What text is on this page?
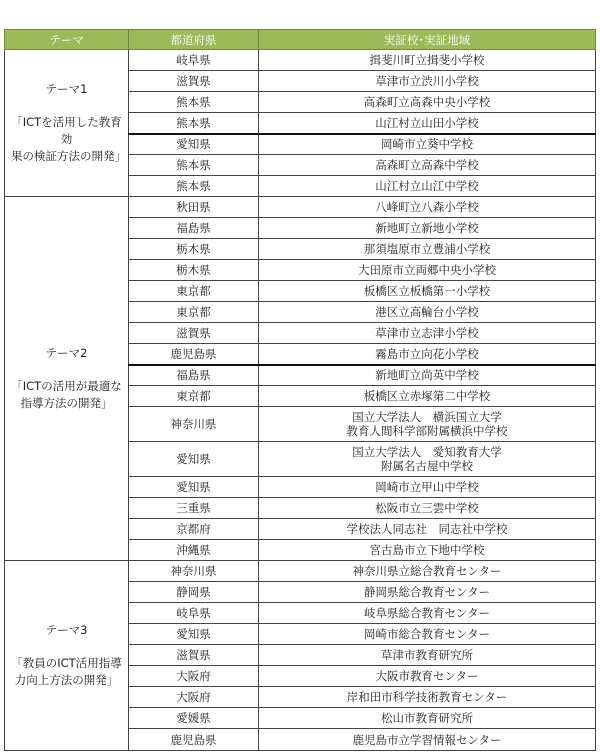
テーマ	都道府県	実証校･実証地域

テーマ1
「ICTを活用した教育効
果の検証方法の開発」	岐阜県	揖斐川町立揖斐小学校
	滋賀県	草津市立渋川小学校
	熊本県	高森町立高森中央小学校
	熊本県	山江村立山田小学校
	愛知県	岡崎市立葵中学校
	熊本県	高森町立高森中学校
	熊本県	山江村立山江中学校

テーマ2
「ICTの活用が最適な
指導方法の開発」	秋田県	八峰町立八森小学校
	福島県	新地町立新地小学校
	栃木県	那須塩原市立豊浦小学校
	栃木県	大田原市立両郷中央小学校
	東京都	板橋区立板橋第一小学校
	東京都	港区立高輪台小学校
	滋賀県	草津市立志津小学校
	鹿児島県	霧島市立向花小学校
	福島県	新地町立尚英中学校
	東京都	板橋区立赤塚第二中学校
	神奈川県	国立大学法人　横浜国立大学
教育人間科学部附属横浜中学校
	愛知県	国立大学法人　愛知教育大学
附属名古屋中学校
	愛知県	岡崎市立甲山中学校
	三重県	松阪市立三雲中学校
	京都府	学校法人同志社　同志社中学校
	沖縄県	宮古島市立下地中学校

テーマ3
「教員のICT活用指導
力向上方法の開発」	神奈川県	神奈川県立総合教育センター
	静岡県	静岡県総合教育センター
	岐阜県	岐阜県総合教育センター
	愛知県	岡崎市総合教育センター
	滋賀県	草津市教育研究所
	大阪府	大阪市教育センター
	大阪府	岸和田市科学技術教育センター
	愛媛県	松山市教育研究所
	鹿児島県	鹿児島市立学習情報センター
